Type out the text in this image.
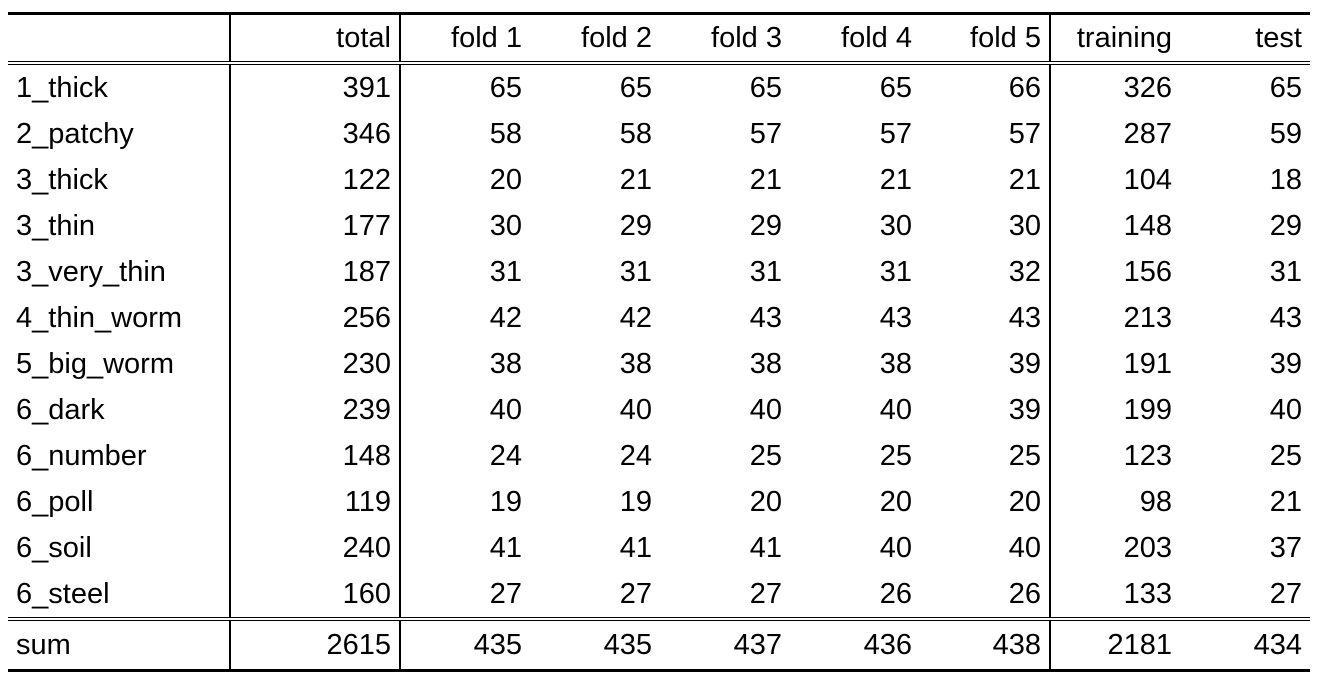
	total	fold 1	fold 2	fold 3	fold 4	fold 5	training	test
1_thick	391	65	65	65	65	66	326	65
2_patchy	346	58	58	57	57	57	287	59
3_thick	122	20	21	21	21	21	104	18
3_thin	177	30	29	29	30	30	148	29
3_very_thin	187	31	31	31	31	32	156	31
4_thin_worm	256	42	42	43	43	43	213	43
5_big_worm	230	38	38	38	38	39	191	39
6_dark	239	40	40	40	40	39	199	40
6_number	148	24	24	25	25	25	123	25
6_poll	119	19	19	20	20	20	98	21
6_soil	240	41	41	41	40	40	203	37
6_steel	160	27	27	27	26	26	133	27
sum	2615	435	435	437	436	438	2181	434
